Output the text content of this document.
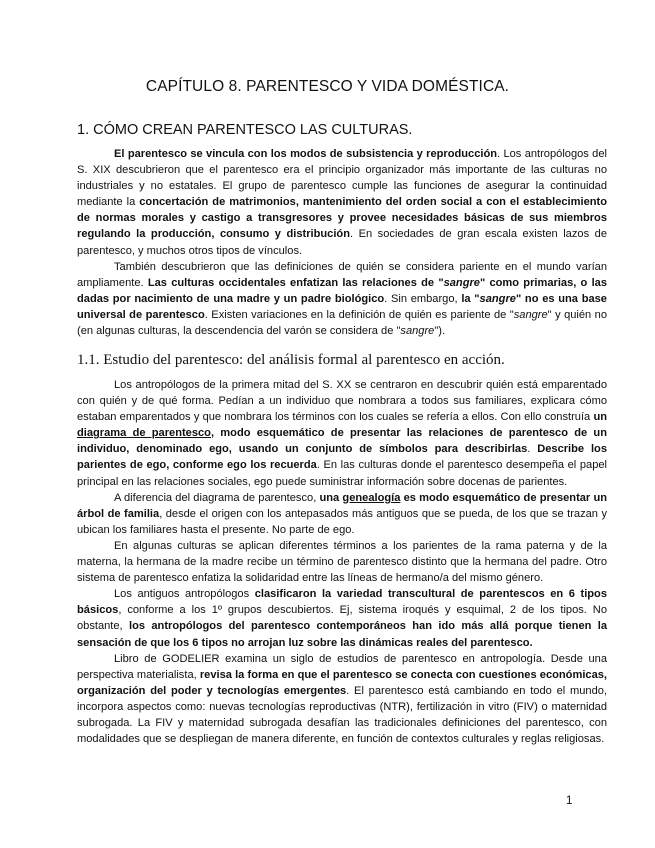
CAPÍTULO 8. PARENTESCO Y VIDA DOMÉSTICA.
1. CÓMO CREAN PARENTESCO LAS CULTURAS.

El parentesco se vincula con los modos de subsistencia y reproducción. Los antropólogos del S. XIX descubrieron que el parentesco era el principio organizador más importante de las culturas no industriales y no estatales. El grupo de parentesco cumple las funciones de asegurar la continuidad mediante la concertación de matrimonios, mantenimiento del orden social a con el establecimiento de normas morales y castigo a transgresores y provee necesidades básicas de sus miembros regulando la producción, consumo y distribución. En sociedades de gran escala existen lazos de parentesco, y muchos otros tipos de vínculos.

También descubrieron que las definiciones de quién se considera pariente en el mundo varían ampliamente. Las culturas occidentales enfatizan las relaciones de "sangre" como primarias, o las dadas por nacimiento de una madre y un padre biológico. Sin embargo, la "sangre" no es una base universal de parentesco. Existen variaciones en la definición de quién es pariente de "sangre" y quién no (en algunas culturas, la descendencia del varón se considera de "sangre").

1.1. Estudio del parentesco: del análisis formal al parentesco en acción.

Los antropólogos de la primera mitad del S. XX se centraron en descubrir quién está emparentado con quién y de qué forma. Pedían a un individuo que nombrara a todos sus familiares, explicara cómo estaban emparentados y que nombrara los términos con los cuales se refería a ellos. Con ello construía un diagrama de parentesco, modo esquemático de presentar las relaciones de parentesco de un individuo, denominado ego, usando un conjunto de símbolos para describirlas. Describe los parientes de ego, conforme ego los recuerda. En las culturas donde el parentesco desempeña el papel principal en las relaciones sociales, ego puede suministrar información sobre docenas de parientes.

A diferencia del diagrama de parentesco, una genealogía es modo esquemático de presentar un árbol de familia, desde el origen con los antepasados más antiguos que se pueda, de los que se trazan y ubican los familiares hasta el presente. No parte de ego.

En algunas culturas se aplican diferentes términos a los parientes de la rama paterna y de la materna, la hermana de la madre recibe un término de parentesco distinto que la hermana del padre. Otro sistema de parentesco enfatiza la solidaridad entre las líneas de hermano/a del mismo género.

Los antiguos antropólogos clasificaron la variedad transcultural de parentescos en 6 tipos básicos, conforme a los 1º grupos descubiertos. Ej, sistema iroqués y esquimal, 2 de los tipos. No obstante, los antropólogos del parentesco contemporáneos han ido más allá porque tienen la sensación de que los 6 tipos no arrojan luz sobre las dinámicas reales del parentesco.

Libro de GODELIER examina un siglo de estudios de parentesco en antropología. Desde una perspectiva materialista, revisa la forma en que el parentesco se conecta con cuestiones económicas, organización del poder y tecnologías emergentes. El parentesco está cambiando en todo el mundo, incorpora aspectos como: nuevas tecnologías reproductivas (NTR), fertilización in vitro (FIV) o maternidad subrogada. La FIV y maternidad subrogada desafían las tradicionales definiciones del parentesco, con modalidades que se despliegan de manera diferente, en función de contextos culturales y reglas religiosas.

1
